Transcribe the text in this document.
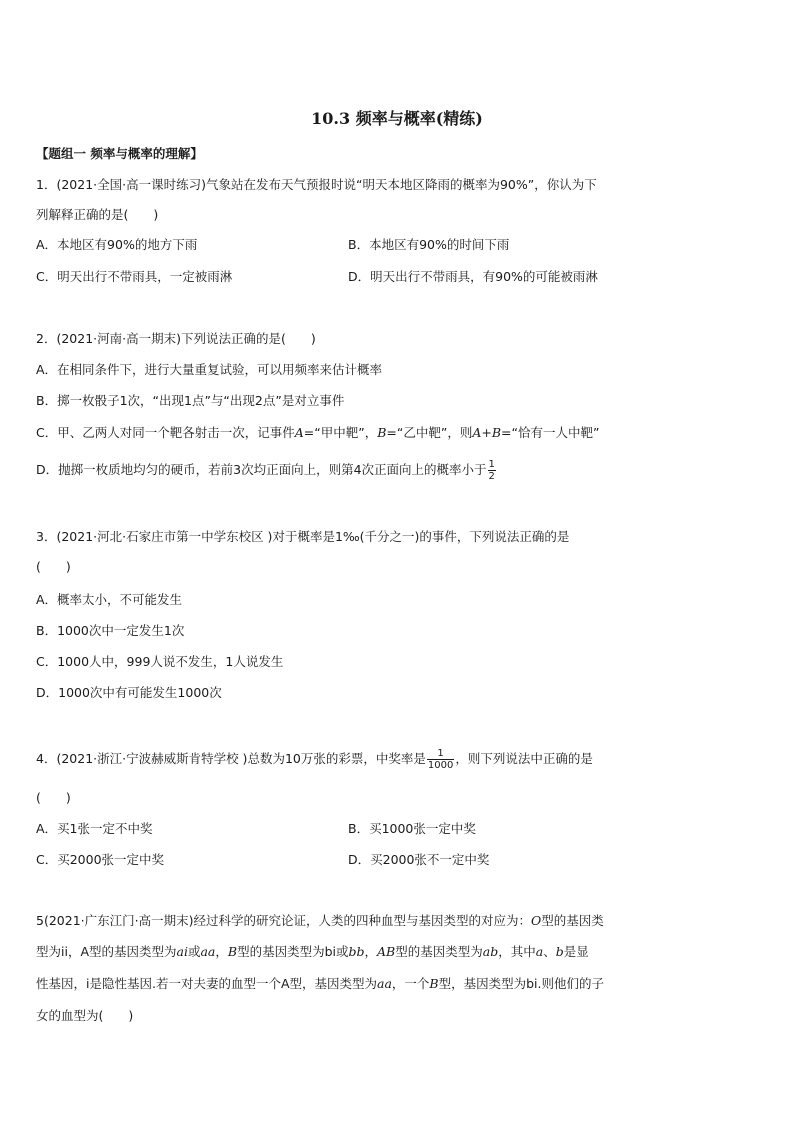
10.3 频率与概率(精练)
【题组一 频率与概率的理解】
1．(2021·全国·高一课时练习)气象站在发布天气预报时说“明天本地区降雨的概率为90%”，你认为下
列解释正确的是(　　)
A．本地区有90%的地方下雨	B．本地区有90%的时间下雨
C．明天出行不带雨具，一定被雨淋	D．明天出行不带雨具，有90%的可能被雨淋
2．(2021·河南·高一期末)下列说法正确的是(　　)
A．在相同条件下，进行大量重复试验，可以用频率来估计概率
B．掷一枚骰子1次，“出现1点”与“出现2点”是对立事件
C．甲、乙两人对同一个靶各射击一次，记事件A=“甲中靶”，B=“乙中靶”，则A+B=“恰有一人中靶”
D．抛掷一枚质地均匀的硬币，若前3次均正面向上，则第4次正面向上的概率小于 $\frac{1}{2}$
3．(2021·河北·石家庄市第一中学东校区 )对于概率是1‰(千分之一)的事件，下列说法正确的是
(　　)
A．概率太小，不可能发生
B．1000次中一定发生1次
C．1000人中，999人说不发生，1人说发生
D．1000次中有可能发生1000次
4．(2021·浙江·宁波赫威斯肯特学校 )总数为10万张的彩票，中奖率是 $\frac{1}{1000}$ ，则下列说法中正确的是
(　　)
A．买1张一定不中奖	B．买1000张一定中奖
C．买2000张一定中奖	D．买2000张不一定中奖
5(2021·广东江门·高一期末)经过科学的研究论证，人类的四种血型与基因类型的对应为：O型的基因类
型为ii，A型的基因类型为ai或aa，B型的基因类型为bi或bb，AB型的基因类型为ab，其中a、b是显
性基因，i是隐性基因.若一对夫妻的血型一个A型，基因类型为aa，一个B型，基因类型为bi.则他们的子
女的血型为(　　)
